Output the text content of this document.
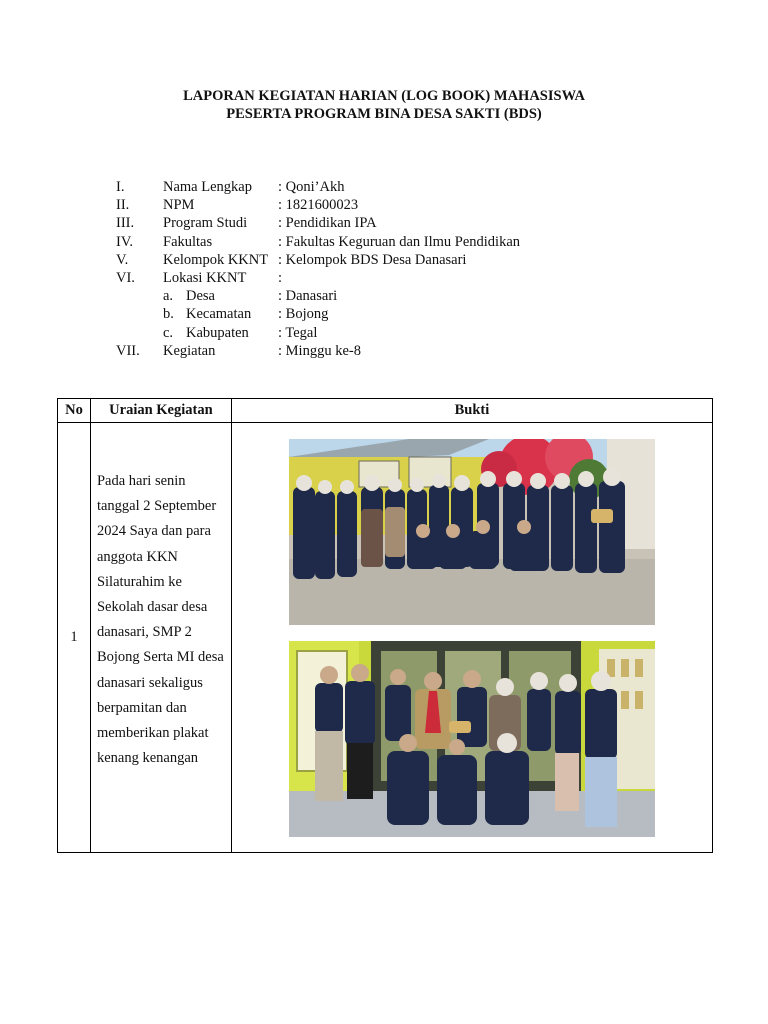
LAPORAN KEGIATAN HARIAN (LOG BOOK) MAHASISWA
PESERTA PROGRAM BINA DESA SAKTI (BDS)
I.	Nama Lengkap	: Qoni’Akh
II.	NPM	: 1821600023
III.	Program Studi	: Pendidikan IPA
IV.	Fakultas	: Fakultas Keguruan dan Ilmu Pendidikan
V.	Kelompok KKNT : Kelompok BDS Desa Danasari
VI.	Lokasi KKNT	:
a. Desa	: Danasari
b. Kecamatan	: Bojong
c. Kabupaten	: Tegal
VII.	Kegiatan	: Minggu ke-8
No	Uraian Kegiatan	Bukti
1	Pada hari senin tanggal 2 September 2024 Saya dan para anggota KKN Silaturahim ke Sekolah dasar desa danasari, SMP 2 Bojong Serta MI desa danasari sekaligus berpamitan dan memberikan plakat kenang kenangan	
